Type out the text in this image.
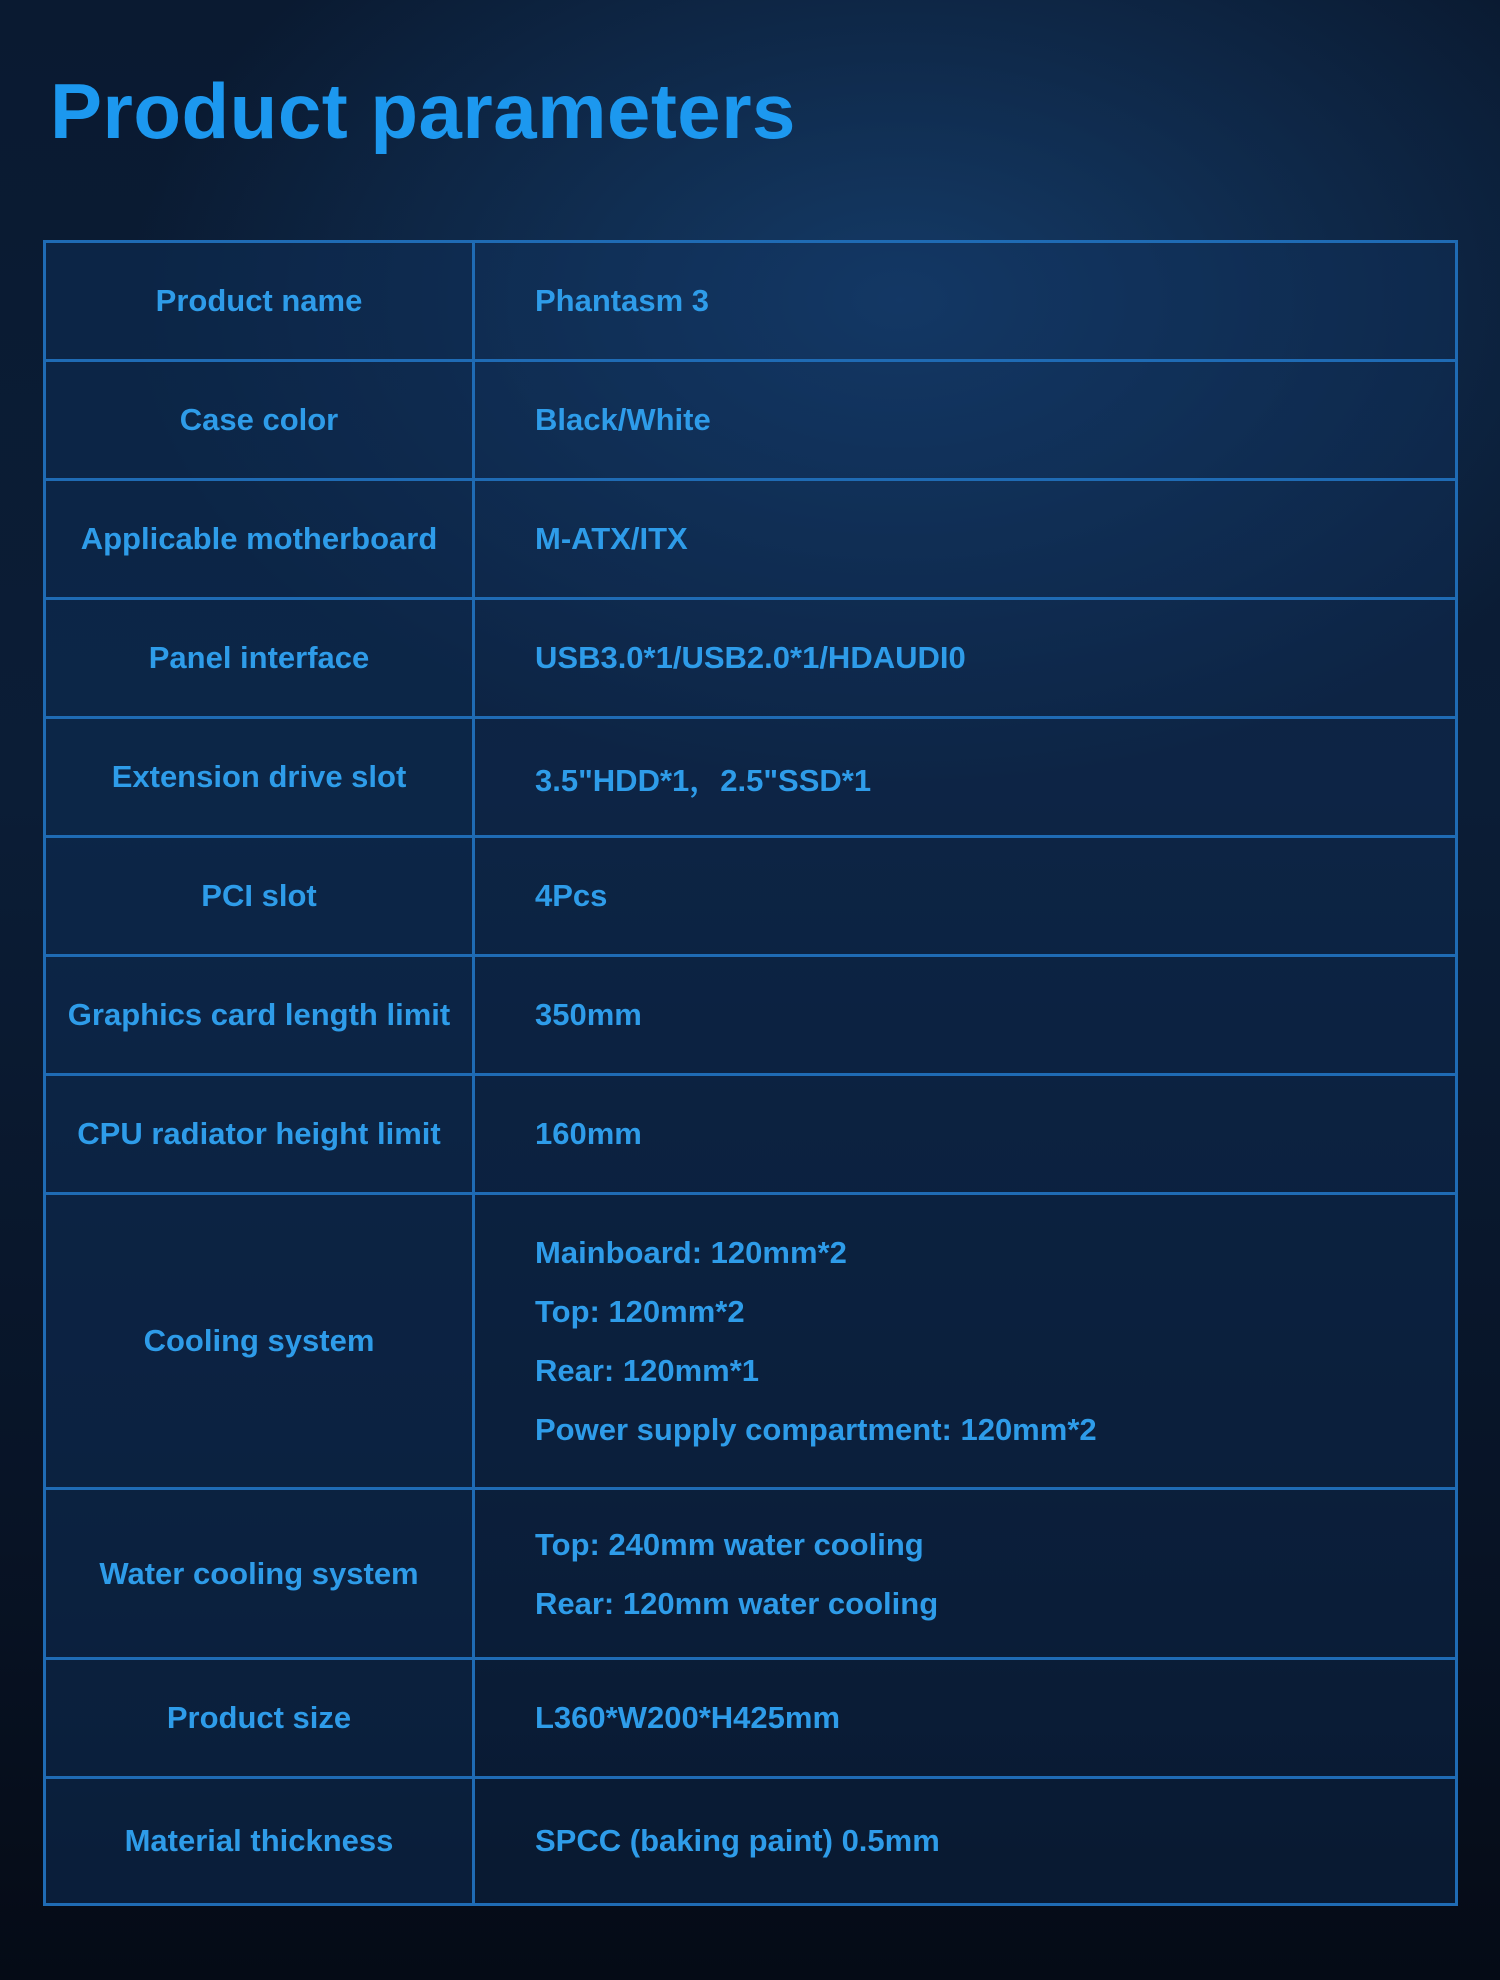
Product parameters
Product name	Phantasm 3
Case color	Black/White
Applicable motherboard	M-ATX/ITX
Panel interface	USB3.0*1/USB2.0*1/HDAUDI0
Extension drive slot	3.5"HDD*1，2.5"SSD*1
PCI slot	4Pcs
Graphics card length limit	350mm
CPU radiator height limit	160mm
Cooling system	Mainboard: 120mm*2
Top: 120mm*2
Rear: 120mm*1
Power supply compartment: 120mm*2

Water cooling system	Top: 240mm water cooling
Rear: 120mm water cooling

Product size	L360*W200*H425mm
Material thickness	SPCC (baking paint) 0.5mm
